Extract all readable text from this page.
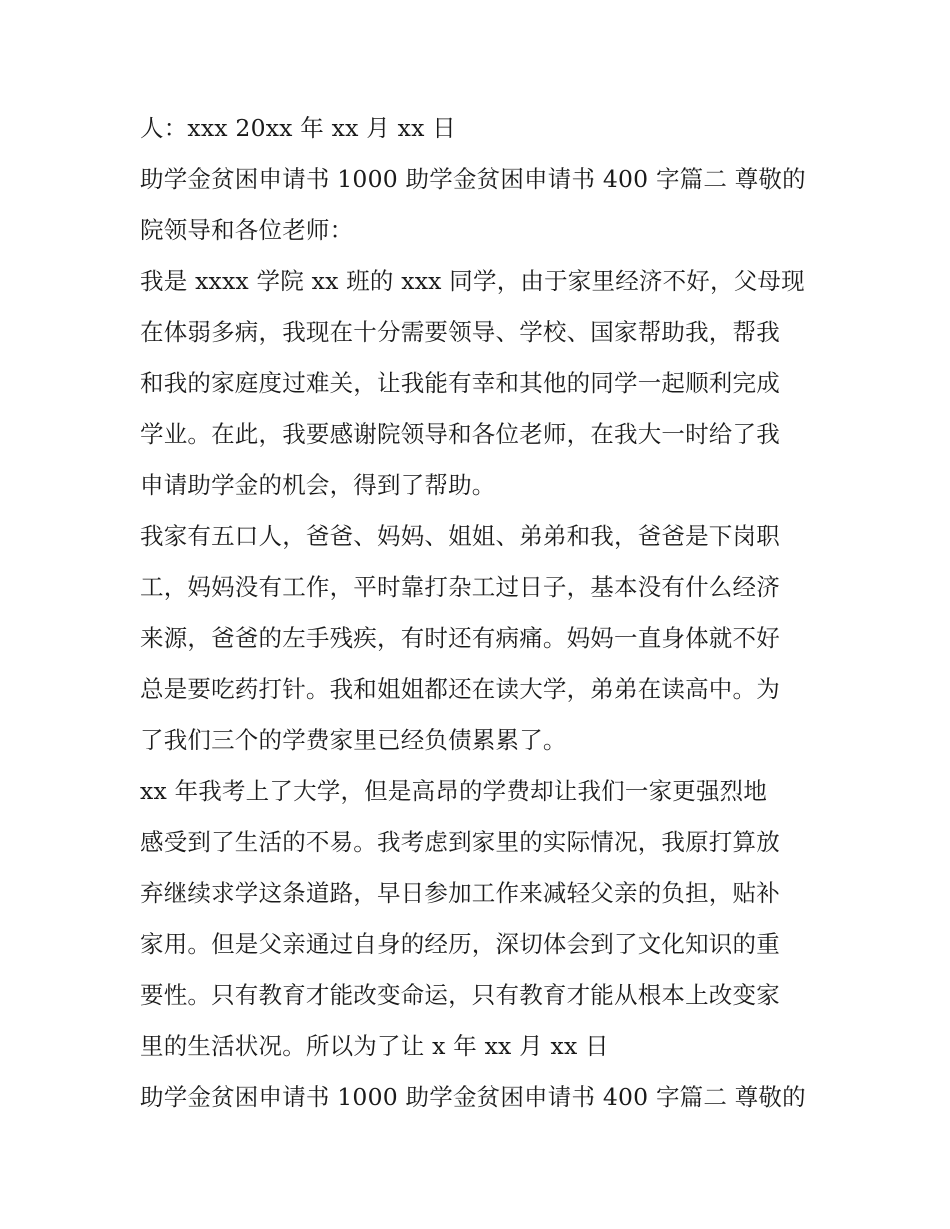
人：xxx 20xx 年 xx 月 xx 日
助学金贫困申请书 1000 助学金贫困申请书 400 字篇二 尊敬的
院领导和各位老师：
我是 xxxx 学院 xx 班的 xxx 同学，由于家里经济不好，父母现
在体弱多病，我现在十分需要领导、学校、国家帮助我，帮我
和我的家庭度过难关，让我能有幸和其他的同学一起顺利完成
学业。在此，我要感谢院领导和各位老师，在我大一时给了我
申请助学金的机会，得到了帮助。
我家有五口人，爸爸、妈妈、姐姐、弟弟和我，爸爸是下岗职
工，妈妈没有工作，平时靠打杂工过日子，基本没有什么经济
来源，爸爸的左手残疾，有时还有病痛。妈妈一直身体就不好
总是要吃药打针。我和姐姐都还在读大学，弟弟在读高中。为
了我们三个的学费家里已经负债累累了。
xx 年我考上了大学，但是高昂的学费却让我们一家更强烈地
感受到了生活的不易。我考虑到家里的实际情况，我原打算放
弃继续求学这条道路，早日参加工作来减轻父亲的负担，贴补
家用。但是父亲通过自身的经历，深切体会到了文化知识的重
要性。只有教育才能改变命运，只有教育才能从根本上改变家
里的生活状况。所以为了让 x 年 xx 月 xx 日
助学金贫困申请书 1000 助学金贫困申请书 400 字篇二 尊敬的
